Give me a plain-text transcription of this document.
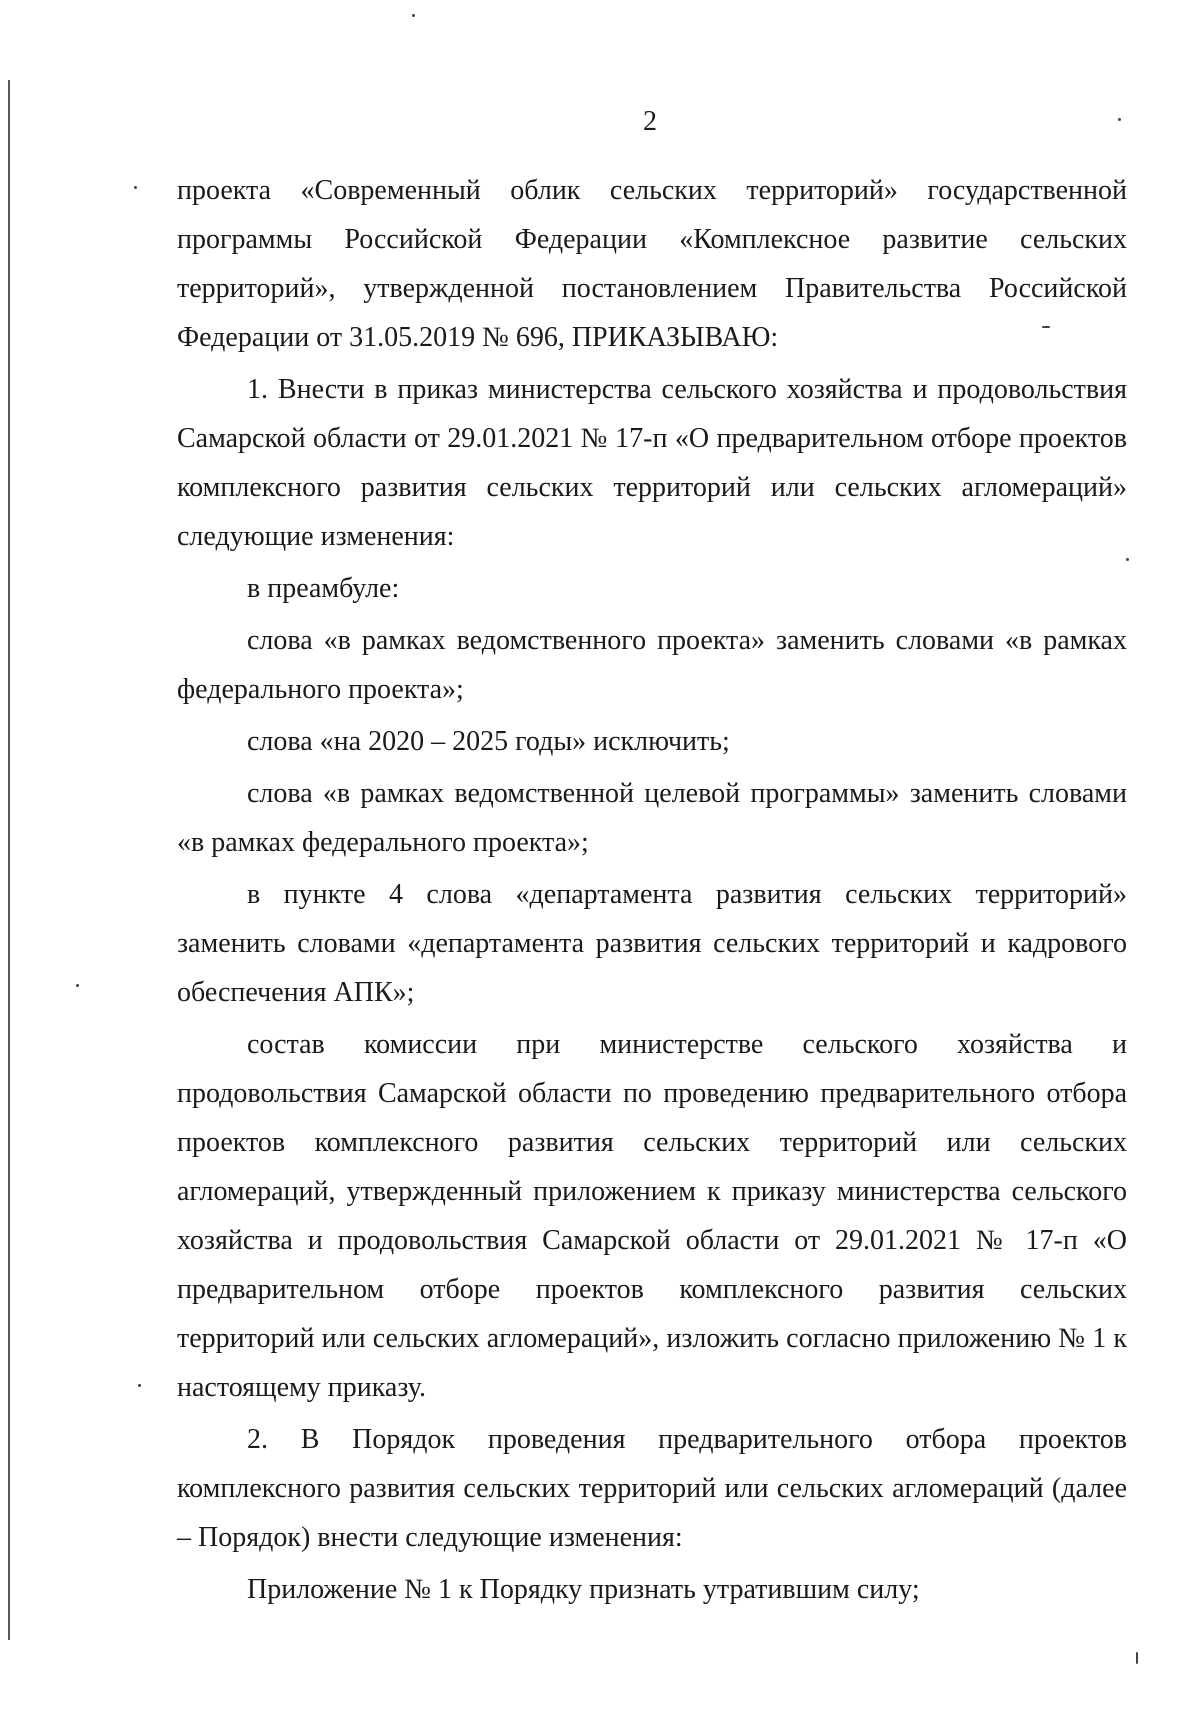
2

проекта «Современный облик сельских территорий» государственной программы Российской Федерации «Комплексное развитие сельских территорий», утвержденной постановлением Правительства Российской Федерации от 31.05.2019 № 696, ПРИКАЗЫВАЮ:

1. Внести в приказ министерства сельского хозяйства и продовольствия Самарской области от 29.01.2021 № 17-п «О предварительном отборе проектов комплексного развития сельских территорий или сельских агломераций» следующие изменения:

в преамбуле:

слова «в рамках ведомственного проекта» заменить словами «в рамках федерального проекта»;

слова «на 2020 – 2025 годы» исключить;

слова «в рамках ведомственной целевой программы» заменить словами «в рамках федерального проекта»;

в пункте 4 слова «департамента развития сельских территорий» заменить словами «департамента развития сельских территорий и кадрового обеспечения АПК»;

состав комиссии при министерстве сельского хозяйства и продовольствия Самарской области по проведению предварительного отбора проектов комплексного развития сельских территорий или сельских агломераций, утвержденный приложением к приказу министерства сельского хозяйства и продовольствия Самарской области от 29.01.2021 № 17-п «О предварительном отборе проектов комплексного развития сельских территорий или сельских агломераций», изложить согласно приложению № 1 к настоящему приказу.

2. В Порядок проведения предварительного отбора проектов комплексного развития сельских территорий или сельских агломераций (далее – Порядок) внести следующие изменения:

Приложение № 1 к Порядку признать утратившим силу;
